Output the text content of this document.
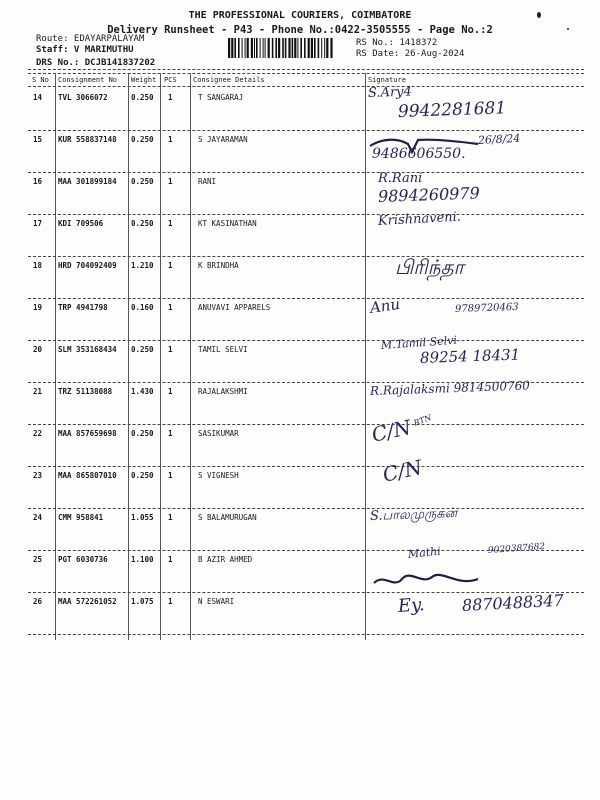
THE PROFESSIONAL COURIERS, COIMBATORE
Delivery Runsheet - P43 - Phone No.:0422-3505555 - Page No.:2
Route: EDAYARPALAYAM
Staff: V MARIMUTHU
DRS No.: DCJB141837202
RS No.: 1418372
RS Date: 26-Aug-2024
S No Consignment No Weight PCS Consignee Details	Signature
14 TVL 3066072	0.250 1	T SANGARAJ	S.Ary4
9942281681
15 KUR 558837148 0.250 1	S JAYARAMAN
9486606550.
26/8/24
16 MAA 301899184 0.250 1	RANI	R.Rani
9894260979
17 KDI 709506	0.250 1	KT KASINATHAN	Krishnaveni.
18 HRD 704092409 1.210 1	K BRINDHA	பிரிந்தா
19 TRP 4941798	0.160 1	ANUVAVI APPARELS	Anu	9789720463
20 SLM 353168434 0.250 1	TAMIL SELVI	M.Tamil Selvi
89254 18431
21 TRZ 51138088	1.430 1	RAJALAKSHMI	R.Rajalaksmi 9814500760
22 MAA 857659698 0.250 1	SASIKUMAR	C/N RTN
23 MAA 865807010 0.250 1	S VIGNESH	C/N
24 CMM 958841	1.055 1	S BALAMURUGAN	S.பாலமுருகன்
25 PGT 6030736	1.100 1	B AZIR AHMED	Mathi	9020387682
26 MAA 572261052 1.075 1	N ESWARI	Ey. 8870488347
